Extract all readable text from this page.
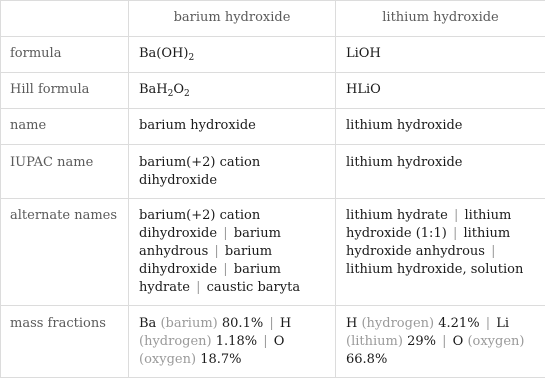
	barium hydroxide	lithium hydroxide
formula	$Ba(OH)_2$	LiOH
Hill formula	$BaH_2O_2$	HLiO
name	barium hydroxide	lithium hydroxide
IUPAC name	barium(+2) cation dihydroxide	lithium hydroxide
alternate names	barium(+2) cation dihydroxide | barium anhydrous | barium dihydroxide | barium hydrate | caustic baryta	lithium hydrate | lithium hydroxide (1:1) | lithium hydroxide anhydrous | lithium hydroxide, solution
mass fractions	Ba (barium) 80.1% | H (hydrogen) 1.18% | O (oxygen) 18.7%	H (hydrogen) 4.21% | Li (lithium) 29% | O (oxygen) 66.8%
